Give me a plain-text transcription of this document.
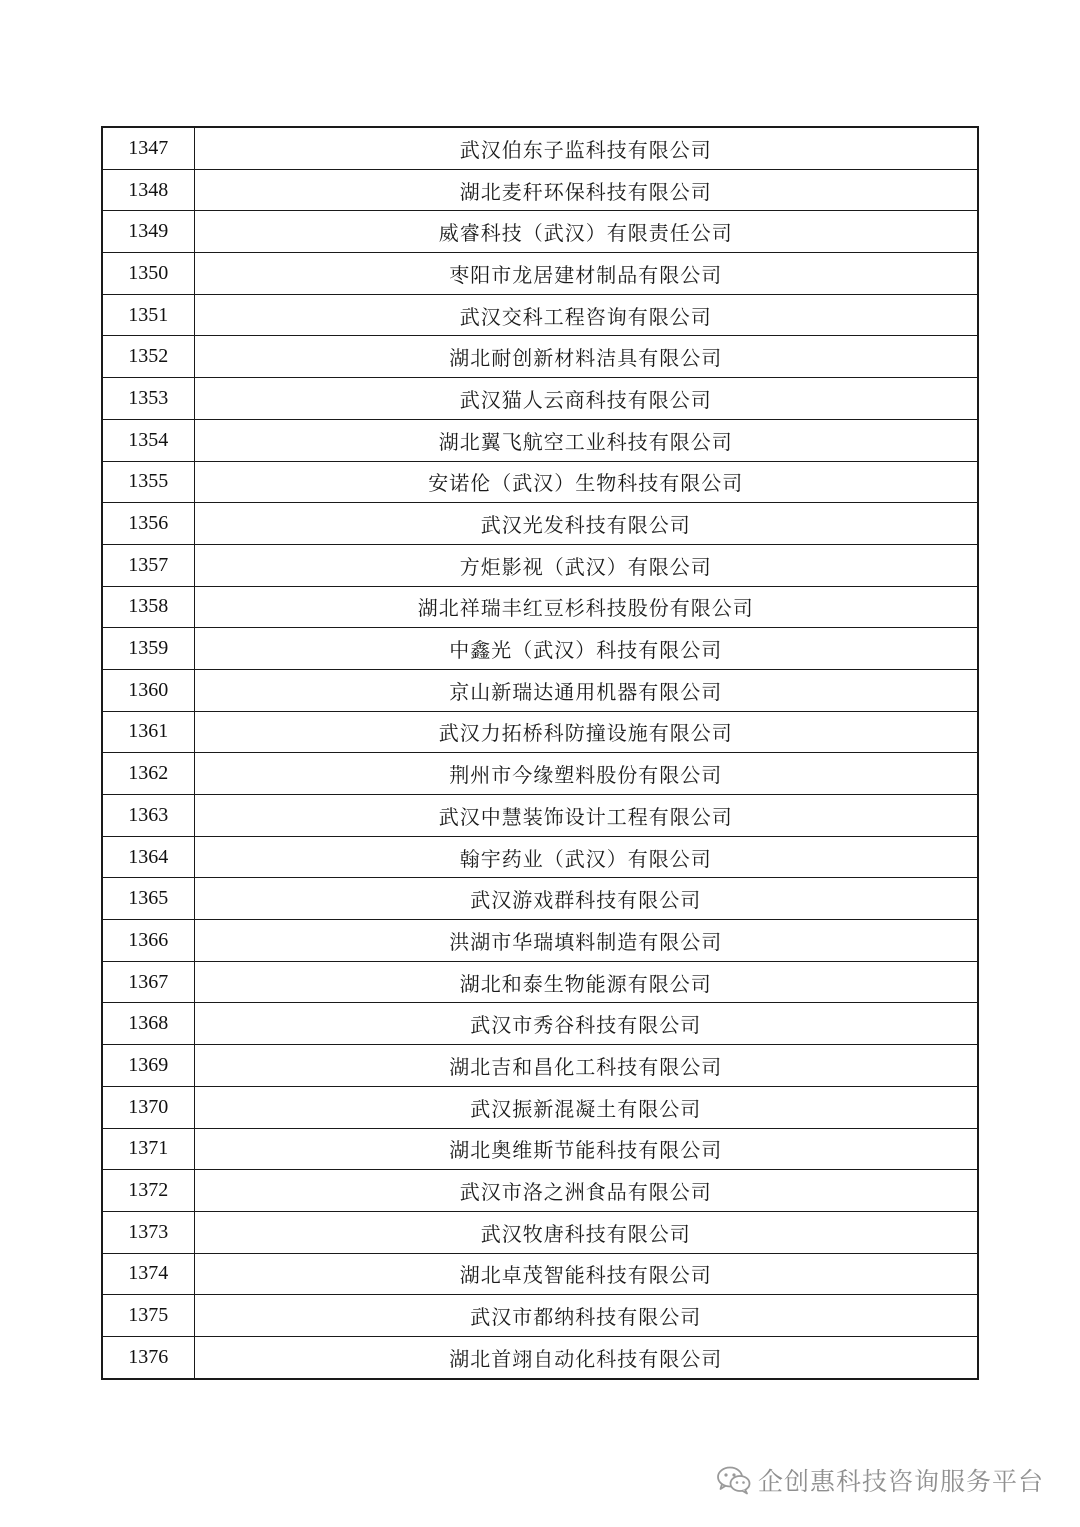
1347	武汉伯东子监科技有限公司
1348	湖北麦秆环保科技有限公司
1349	威睿科技（武汉）有限责任公司
1350	枣阳市龙居建材制品有限公司
1351	武汉交科工程咨询有限公司
1352	湖北耐创新材料洁具有限公司
1353	武汉猫人云商科技有限公司
1354	湖北翼飞航空工业科技有限公司
1355	安诺伦（武汉）生物科技有限公司
1356	武汉光发科技有限公司
1357	方炬影视（武汉）有限公司
1358	湖北祥瑞丰红豆杉科技股份有限公司
1359	中鑫光（武汉）科技有限公司
1360	京山新瑞达通用机器有限公司
1361	武汉力拓桥科防撞设施有限公司
1362	荆州市今缘塑料股份有限公司
1363	武汉中慧装饰设计工程有限公司
1364	翰宇药业（武汉）有限公司
1365	武汉游戏群科技有限公司
1366	洪湖市华瑞填料制造有限公司
1367	湖北和泰生物能源有限公司
1368	武汉市秀谷科技有限公司
1369	湖北吉和昌化工科技有限公司
1370	武汉振新混凝土有限公司
1371	湖北奥维斯节能科技有限公司
1372	武汉市洛之洲食品有限公司
1373	武汉牧唐科技有限公司
1374	湖北卓茂智能科技有限公司
1375	武汉市都纳科技有限公司
1376	湖北首翊自动化科技有限公司
企创惠科技咨询服务平台
